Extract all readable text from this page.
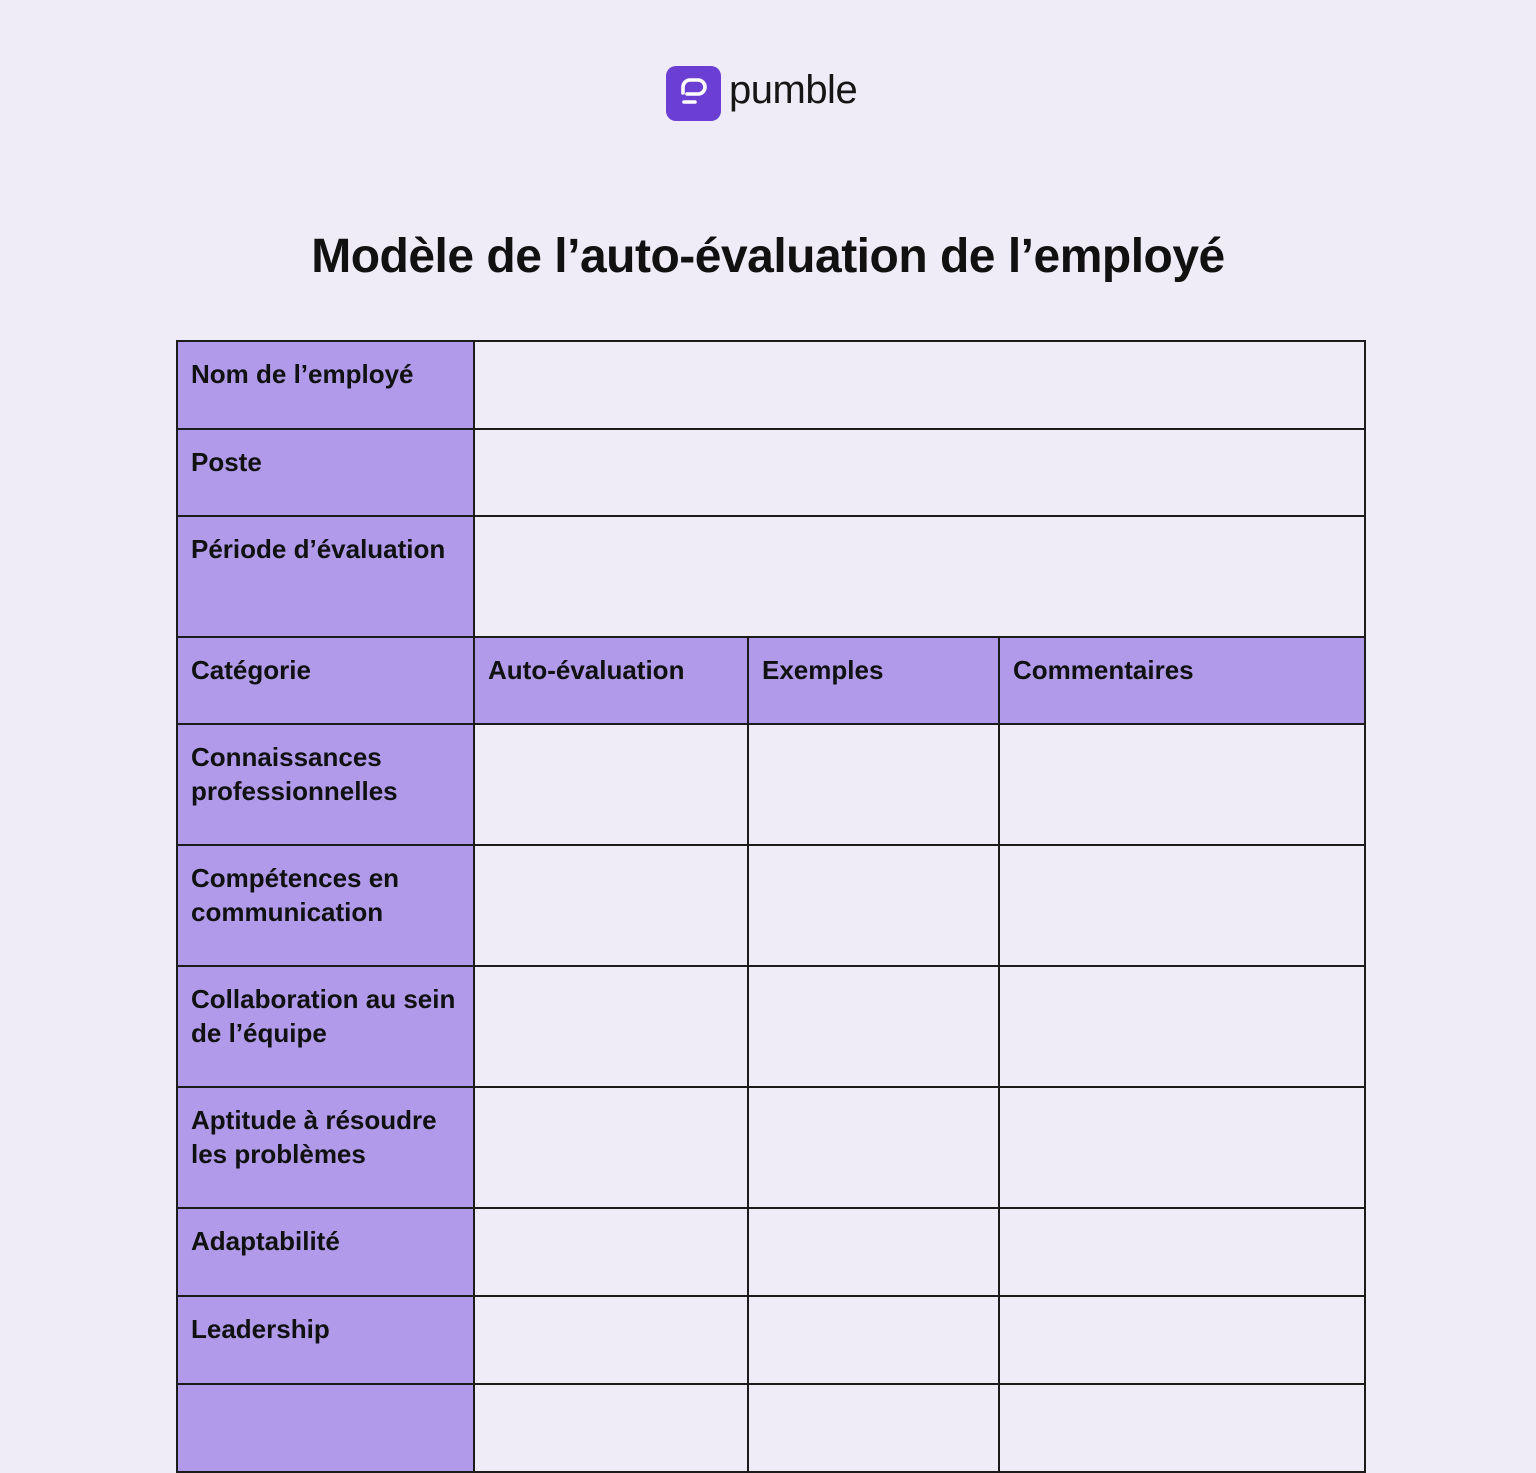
pumble
Modèle de l’auto-évaluation de l’employé
Nom de l’employé			
Poste			
Période d’évaluation			
Catégorie	Auto-évaluation	Exemples	Commentaires
Connaissances professionnelles			
Compétences en communication			
Collaboration au sein de l’équipe			
Aptitude à résoudre les problèmes			
Adaptabilité			
Leadership			
